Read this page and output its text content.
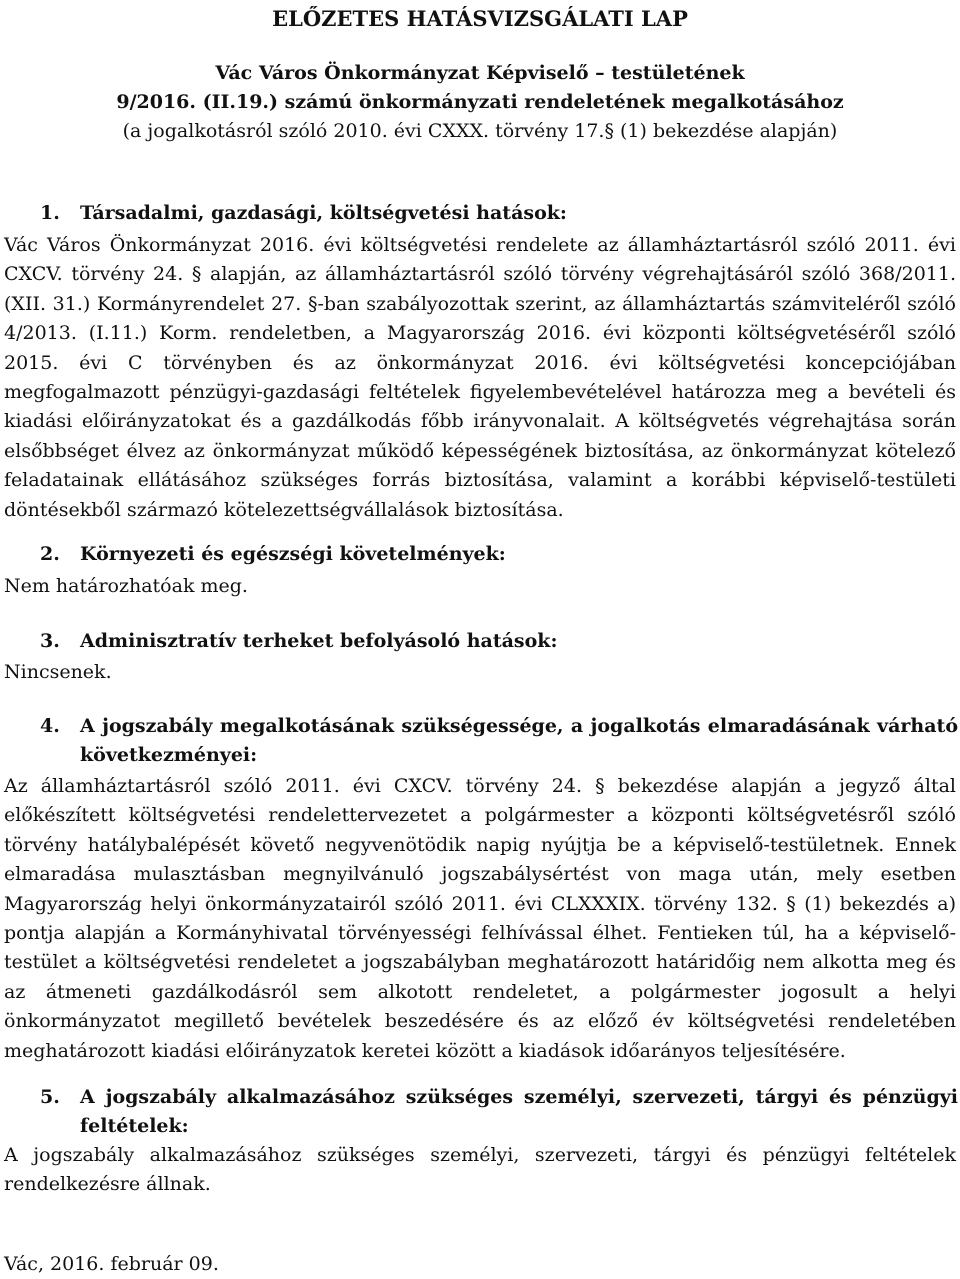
ELŐZETES HATÁSVIZSGÁLATI LAP
Vác Város Önkormányzat Képviselő – testületének
9/2016. (II.19.) számú önkormányzati rendeletének megalkotásához
(a jogalkotásról szóló 2010. évi CXXX. törvény 17.§ (1) bekezdése alapján)
1. Társadalmi, gazdasági, költségvetési hatások:
Vác Város Önkormányzat 2016. évi költségvetési rendelete az államháztartásról szóló 2011. évi CXCV. törvény 24. § alapján, az államháztartásról szóló törvény végrehajtásáról szóló 368/2011. (XII. 31.) Kormányrendelet 27. §-ban szabályozottak szerint, az államháztartás számviteléről szóló 4/2013. (I.11.) Korm. rendeletben, a Magyarország 2016. évi központi költségvetéséről szóló 2015. évi C törvényben és az önkormányzat 2016. évi költségvetési koncepciójában megfogalmazott pénzügyi-gazdasági feltételek figyelembevételével határozza meg a bevételi és kiadási előirányzatokat és a gazdálkodás főbb irányvonalait. A költségvetés végrehajtása során elsőbbséget élvez az önkormányzat működő képességének biztosítása, az önkormányzat kötelező feladatainak ellátásához szükséges forrás biztosítása, valamint a korábbi képviselő-testületi döntésekből származó kötelezettségvállalások biztosítása.
2. Környezeti és egészségi követelmények:
Nem határozhatóak meg.
3. Adminisztratív terheket befolyásoló hatások:
Nincsenek.
4. A jogszabály megalkotásának szükségessége, a jogalkotás elmaradásának várható következményei:
Az államháztartásról szóló 2011. évi CXCV. törvény 24. § bekezdése alapján a jegyző által előkészített költségvetési rendelettervezetet a polgármester a központi költségvetésről szóló törvény hatálybalépését követő negyvenötödik napig nyújtja be a képviselő-testületnek. Ennek elmaradása mulasztásban megnyilvánuló jogszabálysértést von maga után, mely esetben Magyarország helyi önkormányzatairól szóló 2011. évi CLXXXIX. törvény 132. § (1) bekezdés a) pontja alapján a Kormányhivatal törvényességi felhívással élhet. Fentieken túl, ha a képviselő-testület a költségvetési rendeletet a jogszabályban meghatározott határidőig nem alkotta meg és az átmeneti gazdálkodásról sem alkotott rendeletet, a polgármester jogosult a helyi önkormányzatot megillető bevételek beszedésére és az előző év költségvetési rendeletében meghatározott kiadási előirányzatok keretei között a kiadások időarányos teljesítésére.
5. A jogszabály alkalmazásához szükséges személyi, szervezeti, tárgyi és pénzügyi feltételek:
A jogszabály alkalmazásához szükséges személyi, szervezeti, tárgyi és pénzügyi feltételek rendelkezésre állnak.
Vác, 2016. február 09.
